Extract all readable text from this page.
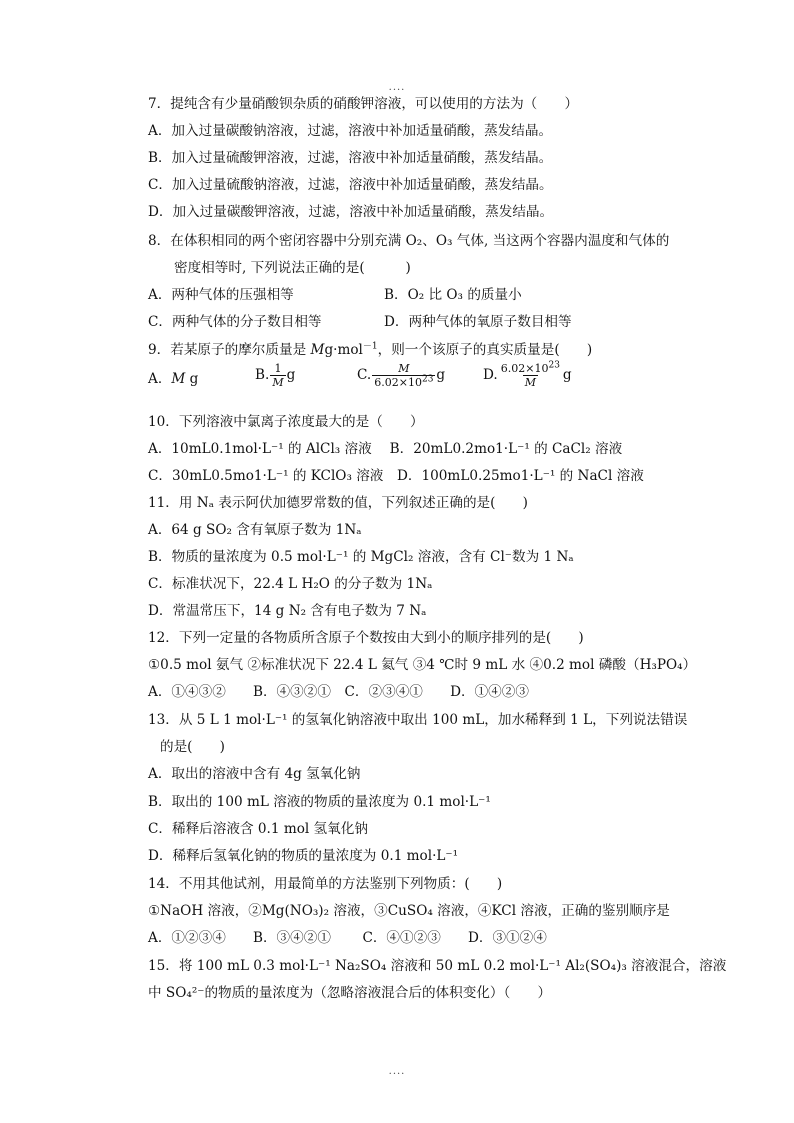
....
7．提纯含有少量硝酸钡杂质的硝酸钾溶液，可以使用的方法为（　　）
A．加入过量碳酸钠溶液，过滤，溶液中补加适量硝酸，蒸发结晶。
B．加入过量硫酸钾溶液，过滤，溶液中补加适量硝酸，蒸发结晶。
C．加入过量硫酸钠溶液，过滤，溶液中补加适量硝酸，蒸发结晶。
D．加入过量碳酸钾溶液，过滤，溶液中补加适量硝酸，蒸发结晶。
8．在体积相同的两个密闭容器中分别充满 O₂、O₃ 气体, 当这两个容器内温度和气体的
密度相等时, 下列说法正确的是(　　　)
A．两种气体的压强相等	B．O₂ 比 O₃ 的质量小
C．两种气体的分子数目相等	D．两种气体的氧原子数目相等
9．若某原子的摩尔质量是 Mg·mol$^{-1}$，则一个该原子的真实质量是(　　)
A．M g	B. $\frac{1}{M}$ g	C. $\frac{M}{6.02\times 10^{23}}$ g	D. $\frac{6.02\times 10^{23}}{M}$ g
10．下列溶液中氯离子浓度最大的是（　　）
A．10mL0.1mol·L⁻¹ 的 AlCl₃ 溶液　 B．20mL0.2mo1·L⁻¹ 的 CaCl₂ 溶液
C．30mL0.5mo1·L⁻¹ 的 KClO₃ 溶液　D．100mL0.25mo1·L⁻¹ 的 NaCl 溶液
11．用 Nₐ 表示阿伏加德罗常数的值，下列叙述正确的是(　　)
A．64 g SO₂ 含有氧原子数为 1Nₐ
B．物质的量浓度为 0.5 mol·L⁻¹ 的 MgCl₂ 溶液，含有 Cl⁻数为 1 Nₐ
C．标准状况下，22.4 L H₂O 的分子数为 1Nₐ
D．常温常压下，14 g N₂ 含有电子数为 7 Nₐ
12．下列一定量的各物质所含原子个数按由大到小的顺序排列的是(　　)
①0.5 mol 氨气 ②标准状况下 22.4 L 氦气 ③4 ℃时 9 mL 水 ④0.2 mol 磷酸（H₃PO₄）
A．①④③②　　B．④③②①　C．②③④①　　D．①④②③
13．从 5 L 1 mol·L⁻¹ 的氢氧化钠溶液中取出 100 mL，加水稀释到 1 L，下列说法错误
的是(　　)
A．取出的溶液中含有 4g 氢氧化钠
B．取出的 100 mL 溶液的物质的量浓度为 0.1 mol·L⁻¹
C．稀释后溶液含 0.1 mol 氢氧化钠
D．稀释后氢氧化钠的物质的量浓度为 0.1 mol·L⁻¹
14．不用其他试剂，用最简单的方法鉴别下列物质：(　　)
①NaOH 溶液，②Mg(NO₃)₂ 溶液，③CuSO₄ 溶液，④KCl 溶液，正确的鉴别顺序是
A．①②③④　　B．③④②①　　 C．④①②③　　D．③①②④
15．将 100 mL 0.3 mol·L⁻¹ Na₂SO₄ 溶液和 50 mL 0.2 mol·L⁻¹ Al₂(SO₄)₃ 溶液混合，溶液
中 SO₄²⁻的物质的量浓度为（忽略溶液混合后的体积变化）（　　）
....
